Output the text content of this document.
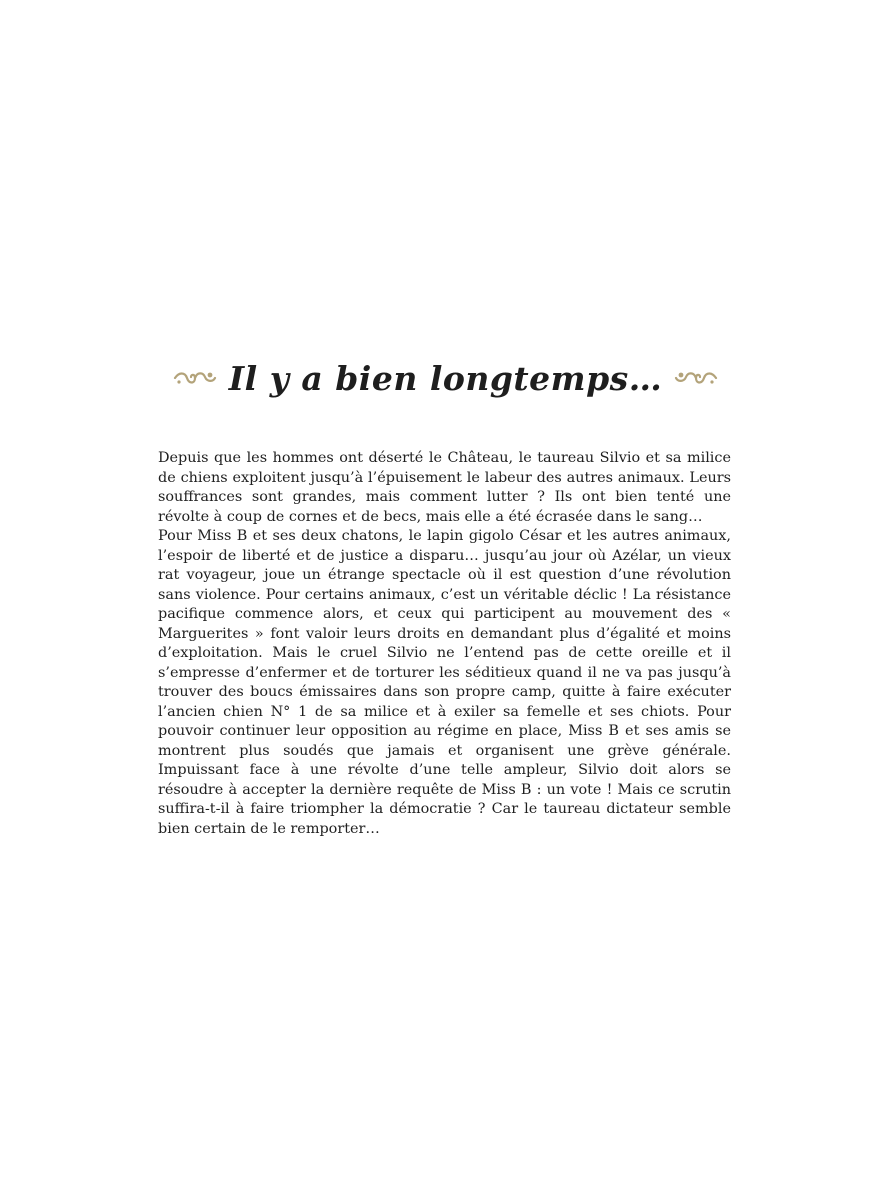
Il y a bien longtemps…

Depuis que les hommes ont déserté le Château, le taureau Silvio et sa milice de chiens exploitent jusqu’à l’épuisement le labeur des autres animaux. Leurs souffrances sont grandes, mais comment lutter ? Ils ont bien tenté une révolte à coup de cornes et de becs, mais elle a été écrasée dans le sang…

Pour Miss B et ses deux chatons, le lapin gigolo César et les autres animaux, l’espoir de liberté et de justice a disparu… jusqu’au jour où Azélar, un vieux rat voyageur, joue un étrange spectacle où il est question d’une révolution sans violence. Pour certains animaux, c’est un véritable déclic ! La résistance pacifique commence alors, et ceux qui participent au mouvement des « Marguerites » font valoir leurs droits en demandant plus d’égalité et moins d’exploitation. Mais le cruel Silvio ne l’entend pas de cette oreille et il s’empresse d’enfermer et de torturer les séditieux quand il ne va pas jusqu’à trouver des boucs émissaires dans son propre camp, quitte à faire exécuter l’ancien chien N° 1 de sa milice et à exiler sa femelle et ses chiots. Pour pouvoir continuer leur opposition au régime en place, Miss B et ses amis se montrent plus soudés que jamais et organisent une grève générale. Impuissant face à une révolte d’une telle ampleur, Silvio doit alors se résoudre à accepter la dernière requête de Miss B : un vote ! Mais ce scrutin suffira-t-il à faire triompher la démocratie ? Car le taureau dictateur semble bien certain de le remporter…
